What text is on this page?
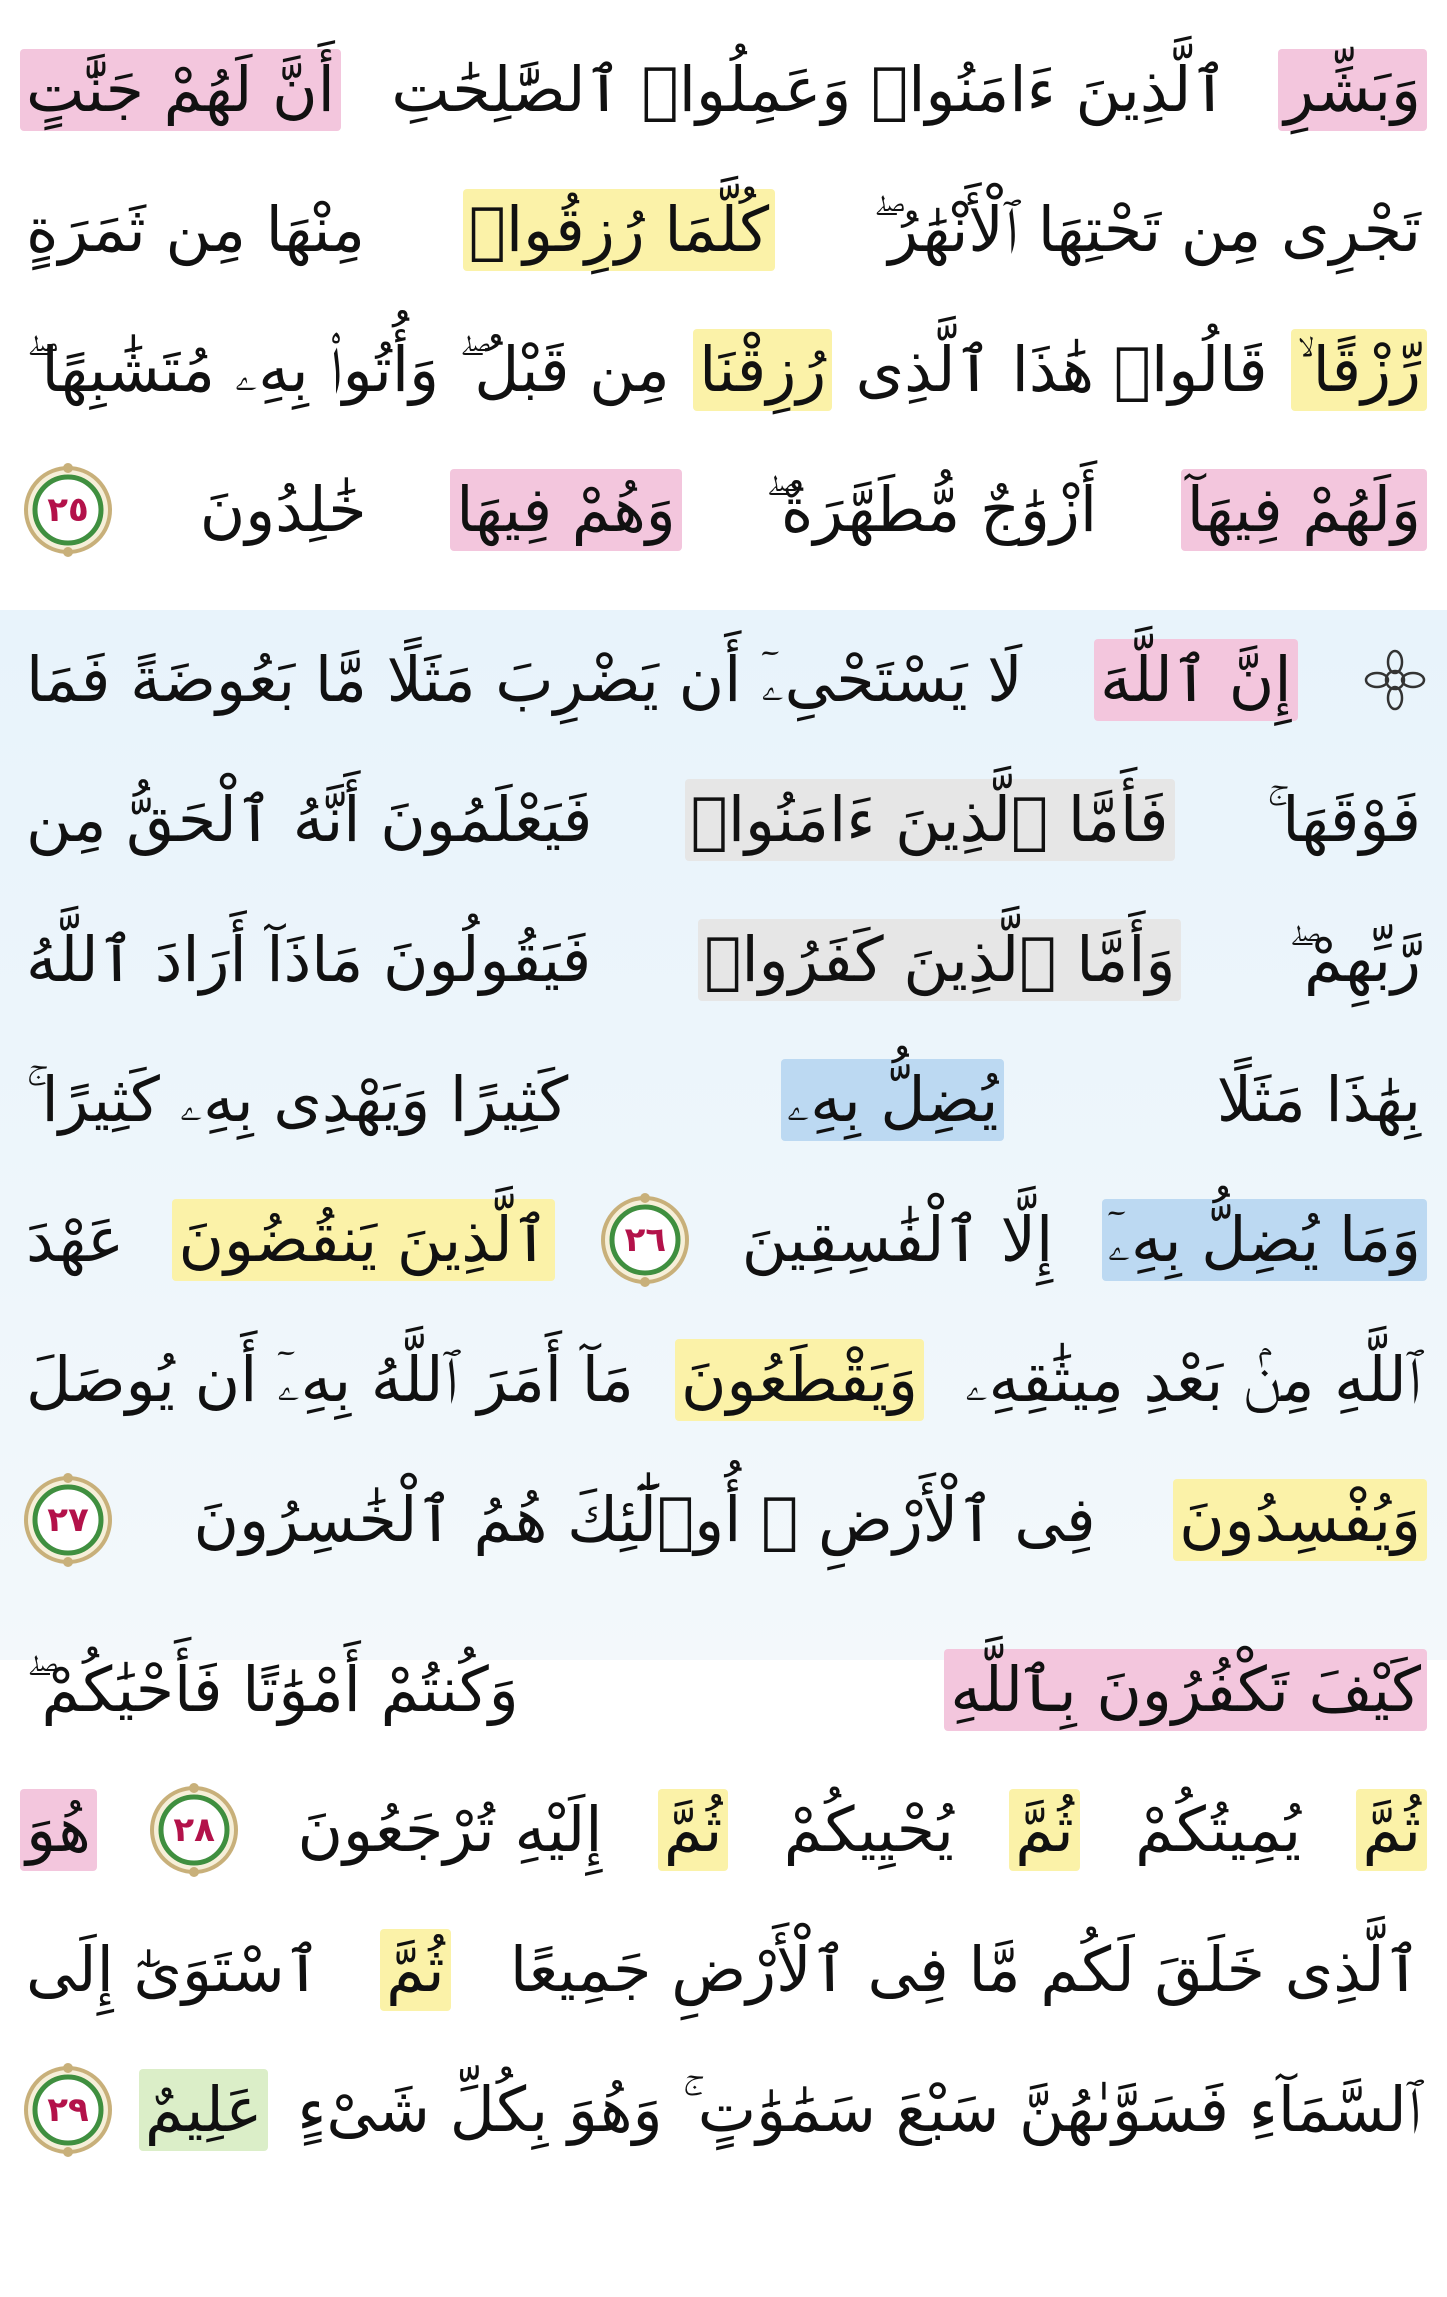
وَبَشِّرِ
ٱلَّذِينَ ءَامَنُوا۟ وَعَمِلُوا۟ ٱلصَّٰلِحَٰتِ
أَنَّ لَهُمْ جَنَّٰتٍ
تَجْرِى مِن تَحْتِهَا ٱلْأَنْهَٰرُ ۖ
كُلَّمَا رُزِقُوا۟
مِنْهَا مِن ثَمَرَةٍ
رِّزْقًا ۙ
قَالُوا۟ هَٰذَا ٱلَّذِى
رُزِقْنَا
مِن قَبْلُ ۖ وَأُتُوا۟ بِهِۦ مُتَشَٰبِهًا ۖ
وَلَهُمْ فِيهَآ
أَزْوَٰجٌ مُّطَهَّرَةٌ ۖ
وَهُمْ فِيهَا
خَٰلِدُونَ
٢٥
إِنَّ ٱللَّهَ
لَا يَسْتَحْىِۦٓ أَن يَضْرِبَ مَثَلًا مَّا بَعُوضَةً فَمَا
فَوْقَهَا ۚ
فَأَمَّا ٱلَّذِينَ ءَامَنُوا۟
فَيَعْلَمُونَ أَنَّهُ ٱلْحَقُّ مِن
رَّبِّهِمْ ۖ
وَأَمَّا ٱلَّذِينَ كَفَرُوا۟
فَيَقُولُونَ مَاذَآ أَرَادَ ٱللَّهُ
بِهَٰذَا مَثَلًا
يُضِلُّ بِهِۦ
كَثِيرًا وَيَهْدِى بِهِۦ كَثِيرًا ۚ
وَمَا يُضِلُّ بِهِۦٓ
إِلَّا ٱلْفَٰسِقِينَ
٢٦
ٱلَّذِينَ يَنقُضُونَ
عَهْدَ
ٱللَّهِ مِنۢ بَعْدِ مِيثَٰقِهِۦ
وَيَقْطَعُونَ
مَآ أَمَرَ ٱللَّهُ بِهِۦٓ أَن يُوصَلَ
وَيُفْسِدُونَ
فِى ٱلْأَرْضِ ۚ أُو۟لَٰٓئِكَ هُمُ ٱلْخَٰسِرُونَ
٢٧
كَيْفَ تَكْفُرُونَ بِٱللَّهِ
وَكُنتُمْ أَمْوَٰتًا فَأَحْيَٰكُمْ ۖ
ثُمَّ
يُمِيتُكُمْ
ثُمَّ
يُحْيِيكُمْ
ثُمَّ
إِلَيْهِ تُرْجَعُونَ
٢٨
هُوَ
ٱلَّذِى خَلَقَ لَكُم مَّا فِى ٱلْأَرْضِ جَمِيعًا
ثُمَّ
ٱسْتَوَىٰٓ إِلَى
ٱلسَّمَآءِ فَسَوَّىٰهُنَّ سَبْعَ سَمَٰوَٰتٍ ۚ وَهُوَ بِكُلِّ شَىْءٍ
عَلِيمٌ
٢٩
